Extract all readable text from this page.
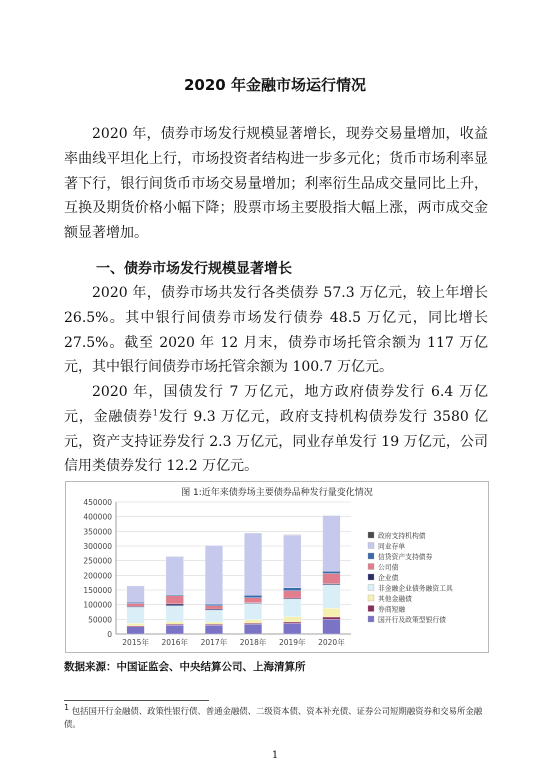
2020 年金融市场运行情况

2020 年，债券市场发行规模显著增长，现券交易量增加，收益率曲线平坦化上行，市场投资者结构进一步多元化；货币市场利率显著下行，银行间货币市场交易量增加；利率衍生品成交量同比上升，互换及期货价格小幅下降；股票市场主要股指大幅上涨，两市成交金额显著增加。

一、债券市场发行规模显著增长

2020 年，债券市场共发行各类债券 57.3 万亿元，较上年增长 26.5%。其中银行间债券市场发行债券 48.5 万亿元，同比增长 27.5%。截至 2020 年 12 月末，债券市场托管余额为 117 万亿元，其中银行间债券市场托管余额为 100.7 万亿元。

2020 年，国债发行 7 万亿元，地方政府债券发行 6.4 万亿元，金融债券$^1$发行 9.3 万亿元，政府支持机构债券发行 3580 亿元，资产支持证券发行 2.3 万亿元，同业存单发行 19 万亿元，公司信用类债券发行 12.2 万亿元。

图 1:近年来债券场主要债券品种发行量变化情况
0
50000
100000
150000
200000
250000
300000
350000
400000
450000
2015年 2016年 2017年 2018年 2019年 2020年
政府支持机构债
同业存单
信贷资产支持债券
公司债
企业债
非金融企业债务融资工具
其他金融债
券商短融
国开行及政策型银行债
数据来源：中国证监会、中央结算公司、上海清算所
$^1$ 包括国开行金融债、政策性银行债、普通金融债、二级资本债、资本补充债、证券公司短期融资券和交易所金融债。
1
